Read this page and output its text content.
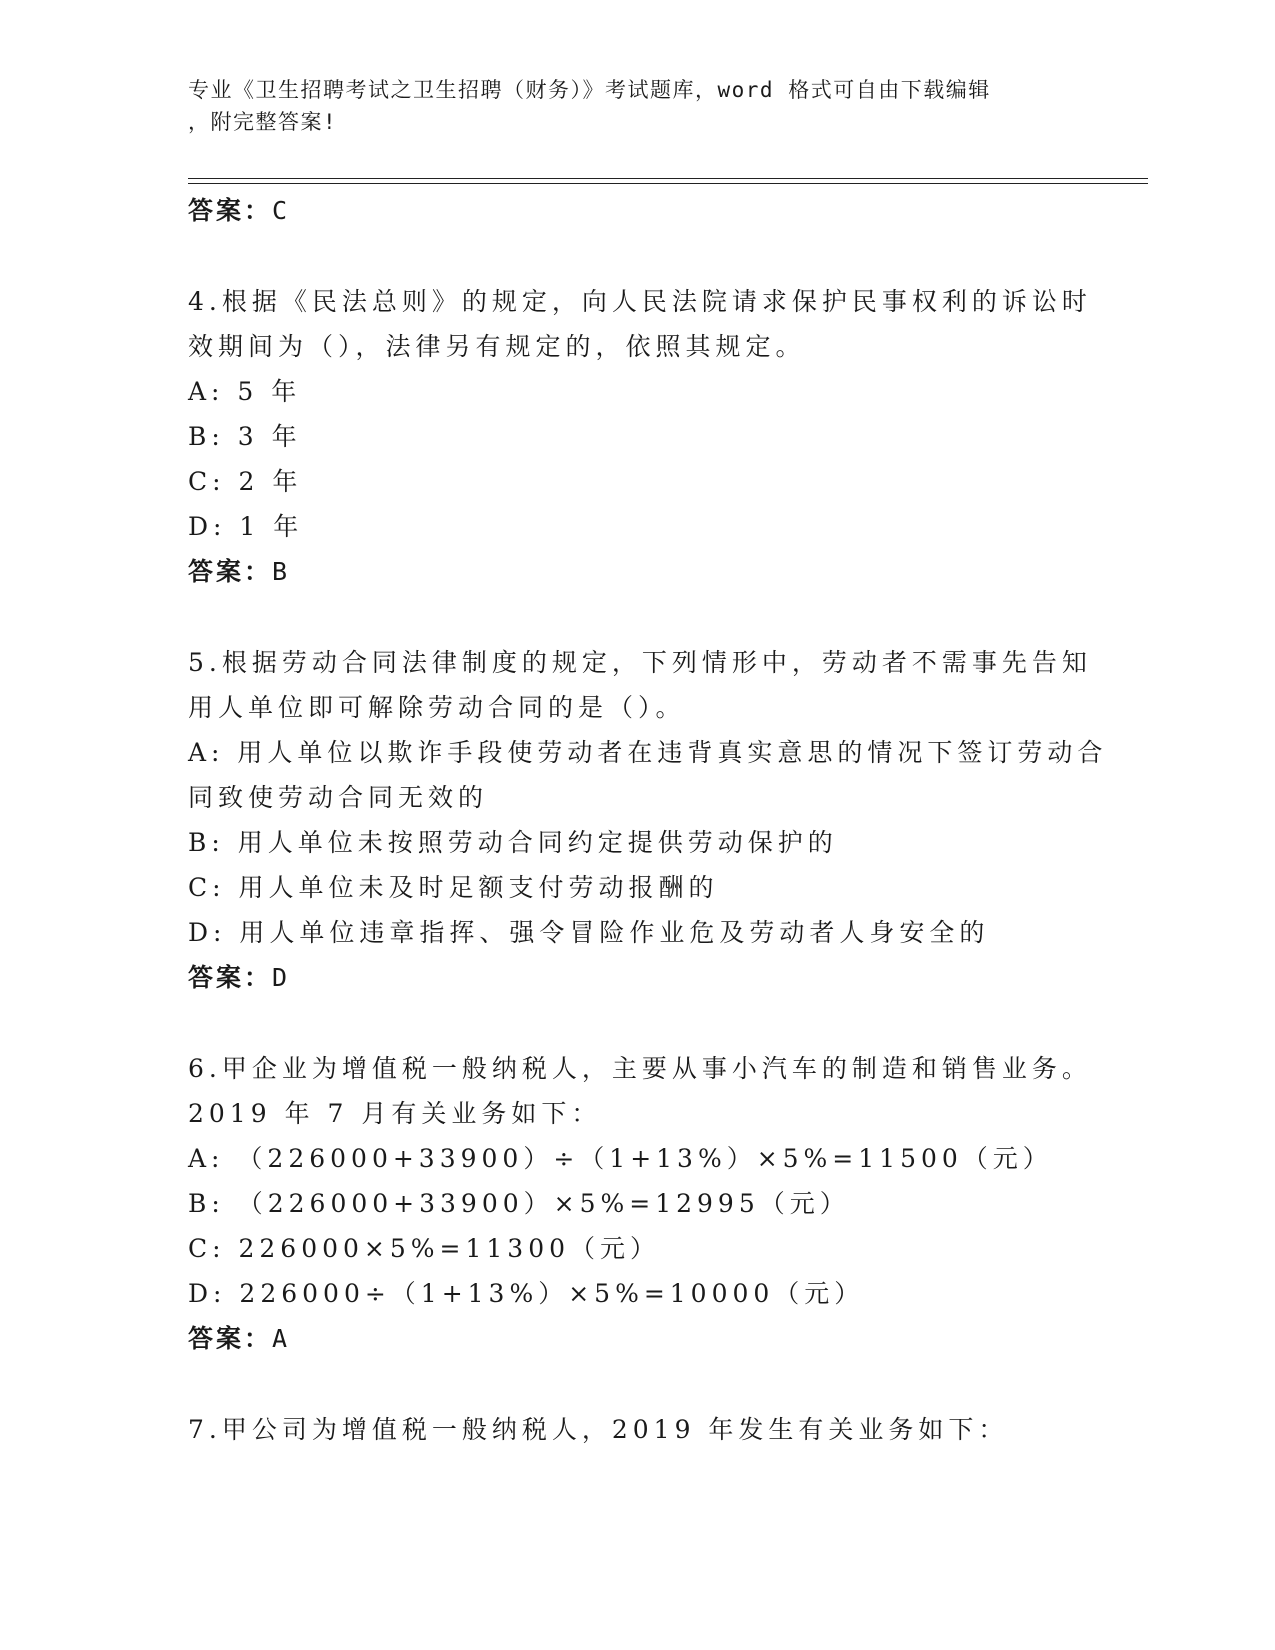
专业《卫生招聘考试之卫生招聘（财务）》考试题库，word 格式可自由下载编辑
，附完整答案!
答案：C
4.根据《民法总则》的规定，向人民法院请求保护民事权利的诉讼时
效期间为（），法律另有规定的，依照其规定。
A: 5 年
B: 3 年
C: 2 年
D: 1 年
答案：B
5.根据劳动合同法律制度的规定，下列情形中，劳动者不需事先告知
用人单位即可解除劳动合同的是（）。
A: 用人单位以欺诈手段使劳动者在违背真实意思的情况下签订劳动合
同致使劳动合同无效的
B: 用人单位未按照劳动合同约定提供劳动保护的
C: 用人单位未及时足额支付劳动报酬的
D: 用人单位违章指挥、强令冒险作业危及劳动者人身安全的
答案：D
6.甲企业为增值税一般纳税人，主要从事小汽车的制造和销售业务。
2019 年 7 月有关业务如下：
A: （226000+33900）÷（1+13%）×5%=11500（元）
B: （226000+33900）×5%=12995（元）
C: 226000×5%=11300（元）
D: 226000÷（1+13%）×5%=10000（元）
答案：A
7.甲公司为增值税一般纳税人，2019 年发生有关业务如下：
